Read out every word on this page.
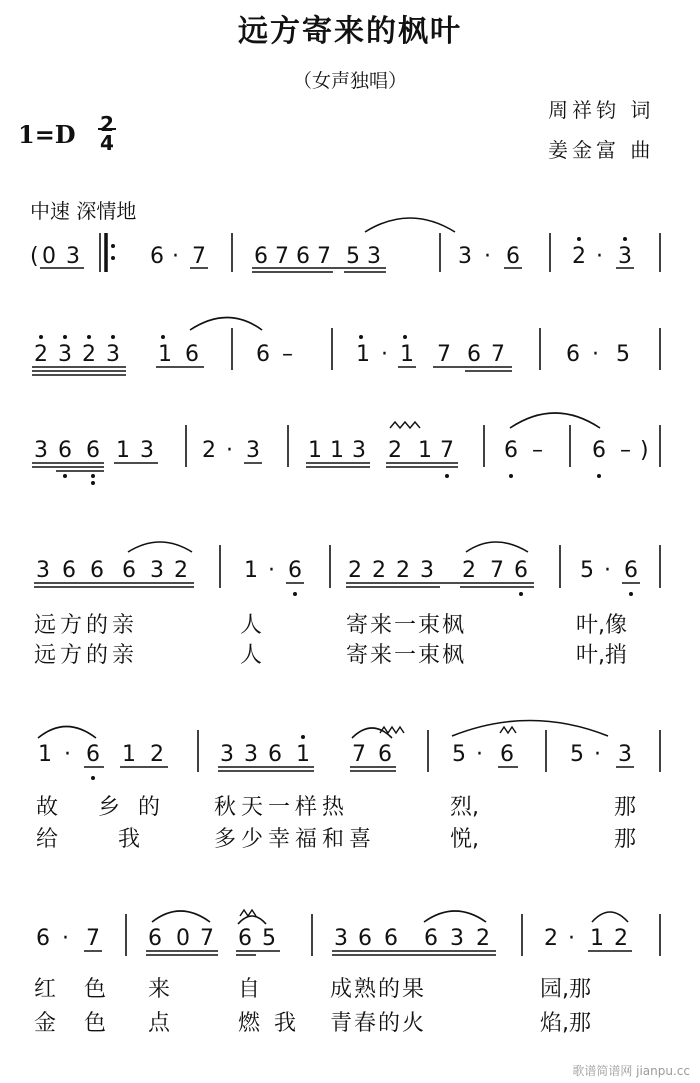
远方寄来的枫叶
（女声独唱）
周祥钧 词
姜金富 曲
1=D 2
4
中速 深情地
( 0 3	6 · 7 6 7 6 7 5 3	3 · 6 2 · 3
2 3 2 3 1 6	6 –	1 · 1 7 6 7	6 · 5
3 6 6 1 3 2 · 3 1 1 3 2 1 7 6 – 6 – )
3 6 6 6 3 2	1 · 6 2 2 2 3 2 7 6 5 · 6
1 · 6 1 2	3 3 6 1 7 6	5 · 6	5 · 3
6 · 7 6 0 7 6 5	3 6 6 6 3 2 2 · 1 2
远方的亲	人	寄来一束枫	叶,像
远方的亲	人	寄来一束枫	叶,捎
故 乡的 秋天一样热	烈,	那
给	我	多少幸福和喜	悦,	那
红 色 来	自	成熟的果	园,那
金 色 点	燃我 青春的火	焰,那
歌谱简谱网 jianpu.cc
